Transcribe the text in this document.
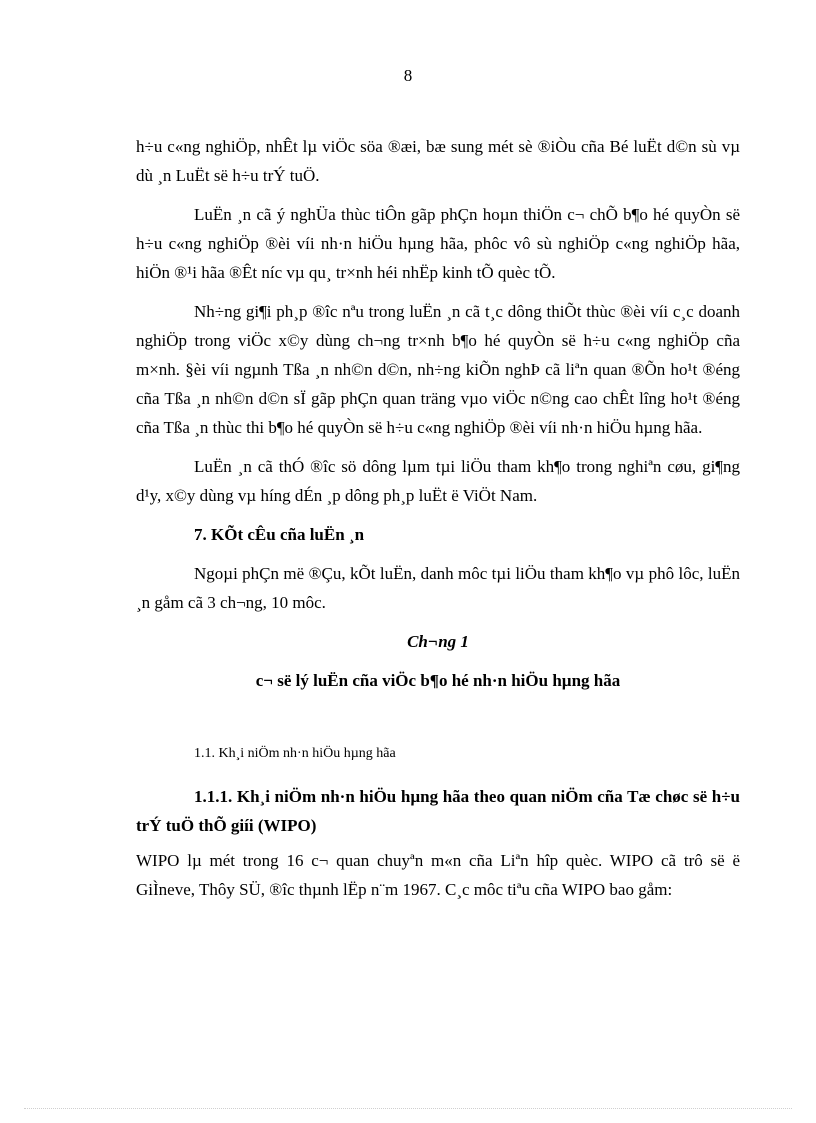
8

h÷u c«ng nghiÖp, nhÊt lµ viÖc söa ®æi, bæ sung mét sè ®iÒu cña Bé luËt d©n sù vµ dù ¸n LuËt së h÷u trÝ tuÖ.

LuËn ¸n cã ý nghÜa thùc tiÔn gãp phÇn hoµn thiÖn c¬ chÕ b¶o hé quyÒn së h÷u c«ng nghiÖp ®èi víi nh·n hiÖu hµng hãa, phôc vô sù nghiÖp c«ng nghiÖp hãa, hiÖn ®¹i hãa ®Êt níc vµ qu¸ tr×nh héi nhËp kinh tÕ quèc tÕ.

Nh÷ng gi¶i ph¸p ®îc nªu trong luËn ¸n cã t¸c dông thiÕt thùc ®èi víi c¸c doanh nghiÖp trong viÖc x©y dùng ch¬ng tr×nh b¶o hé quyÒn së h÷u c«ng nghiÖp cña m×nh. §èi víi ngµnh Tßa ¸n nh©n d©n, nh÷ng kiÕn nghÞ cã liªn quan ®Õn ho¹t ®éng cña Tßa ¸n nh©n d©n sÏ gãp phÇn quan träng vµo viÖc n©ng cao chÊt lîng ho¹t ®éng cña Tßa ¸n thùc thi b¶o hé quyÒn së h÷u c«ng nghiÖp ®èi víi nh·n hiÖu hµng hãa.

LuËn ¸n cã thÓ ®îc sö dông lµm tµi liÖu tham kh¶o trong nghiªn cøu, gi¶ng d¹y, x©y dùng vµ híng dÉn ¸p dông ph¸p luËt ë ViÖt Nam.

7. KÕt cÊu cña luËn ¸n

Ngoµi phÇn më ®Çu, kÕt luËn, danh môc tµi liÖu tham kh¶o vµ phô lôc, luËn ¸n gåm cã 3 ch¬ng, 10 môc.

Ch¬ng 1

c¬ së lý luËn cña viÖc b¶o hé nh·n hiÖu hµng hãa

1.1. Kh¸i niÖm nh·n hiÖu hµng hãa

1.1.1. Kh¸i niÖm nh·n hiÖu hµng hãa theo quan niÖm cña Tæ chøc së h÷u trÝ tuÖ thÕ giíi (WIPO)

WIPO lµ mét trong 16 c¬ quan chuyªn m«n cña Liªn hîp quèc. WIPO cã trô së ë GiÌneve, Thôy SÜ, ®îc thµnh lËp n¨m 1967. C¸c môc tiªu cña WIPO bao gåm:
